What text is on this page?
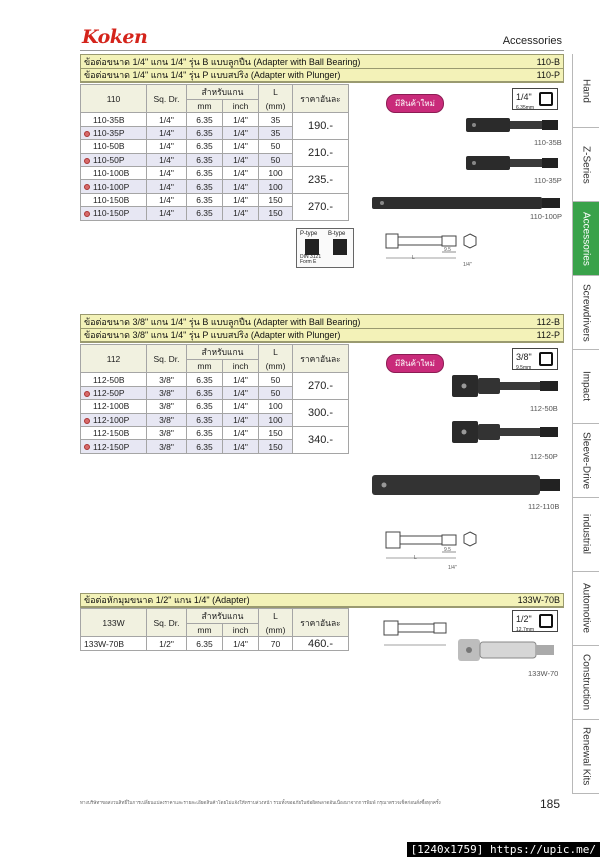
Koken	Accessories
Hand
Z-Series
Accessories
Screwdrivers
Impact
Sleeve-Drive
industrial
Automotive
Construction
Renewal Kits
ข้อต่อขนาด 1/4" แกน 1/4" รุ่น B แบบลูกปืน (Adapter with Ball Bearing)	110-B
ข้อต่อขนาด 1/4" แกน 1/4" รุ่น P แบบสปริง (Adapter with Plunger)	110-P
110	Sq. Dr.	สำหรับแกน		L	ราคาอันละ
		mm	inch	(mm)	
110-35B	1/4"	6.35	1/4"	35	190.-
110-35P	1/4"	6.35	1/4"	35	
110-50B	1/4"	6.35	1/4"	50	210.-
110-50P	1/4"	6.35	1/4"	50	
110-100B	1/4"	6.35	1/4"	100	235.-
110-100P	1/4"	6.35	1/4"	100	
110-150B	1/4"	6.35	1/4"	150	270.-
110-150P	1/4"	6.35	1/4"	150	
มีสินค้าใหม่
1/4"
6.35mm
110-35B
110-35P
110-100P
P-type B-type
DIN 3121
Form E
L
9.5
1/4"
ข้อต่อขนาด 3/8" แกน 1/4" รุ่น B แบบลูกปืน (Adapter with Ball Bearing)	112-B
ข้อต่อขนาด 3/8" แกน 1/4" รุ่น P แบบสปริง (Adapter with Plunger)	112-P
112	Sq. Dr.	สำหรับแกน		L	ราคาอันละ
		mm	inch	(mm)	
112-50B	3/8"	6.35	1/4"	50	270.-
112-50P	3/8"	6.35	1/4"	50	
112-100B	3/8"	6.35	1/4"	100	300.-
112-100P	3/8"	6.35	1/4"	100	
112-150B	3/8"	6.35	1/4"	150	340.-
112-150P	3/8"	6.35	1/4"	150	
มีสินค้าใหม่
3/8"
9.5mm
112-50B
112-50P
112-110B
L
9.5
1/4"
ข้อต่อหักมุมขนาด 1/2" แกน 1/4" (Adapter)	133W-70B
133W	Sq. Dr.	สำหรับแกน		L	ราคาอันละ
		mm	inch	(mm)	
133W-70B	1/2"	6.35	1/4"	70	460.-
1/2"
12.7mm
133W-70
ทางบริษัทฯขอสงวนสิทธิ์ในการเปลี่ยนแปลงราคาและรายละเอียดสินค้าโดยไม่แจ้งให้ทราบล่วงหน้า รวมทั้งขออภัยในข้อผิดพลาดอันเนื่องมาจากการพิมพ์ กรุณาตรวจเช็คก่อนสั่งซื้อทุกครั้ง	185
[1240x1759] https://upic.me/
